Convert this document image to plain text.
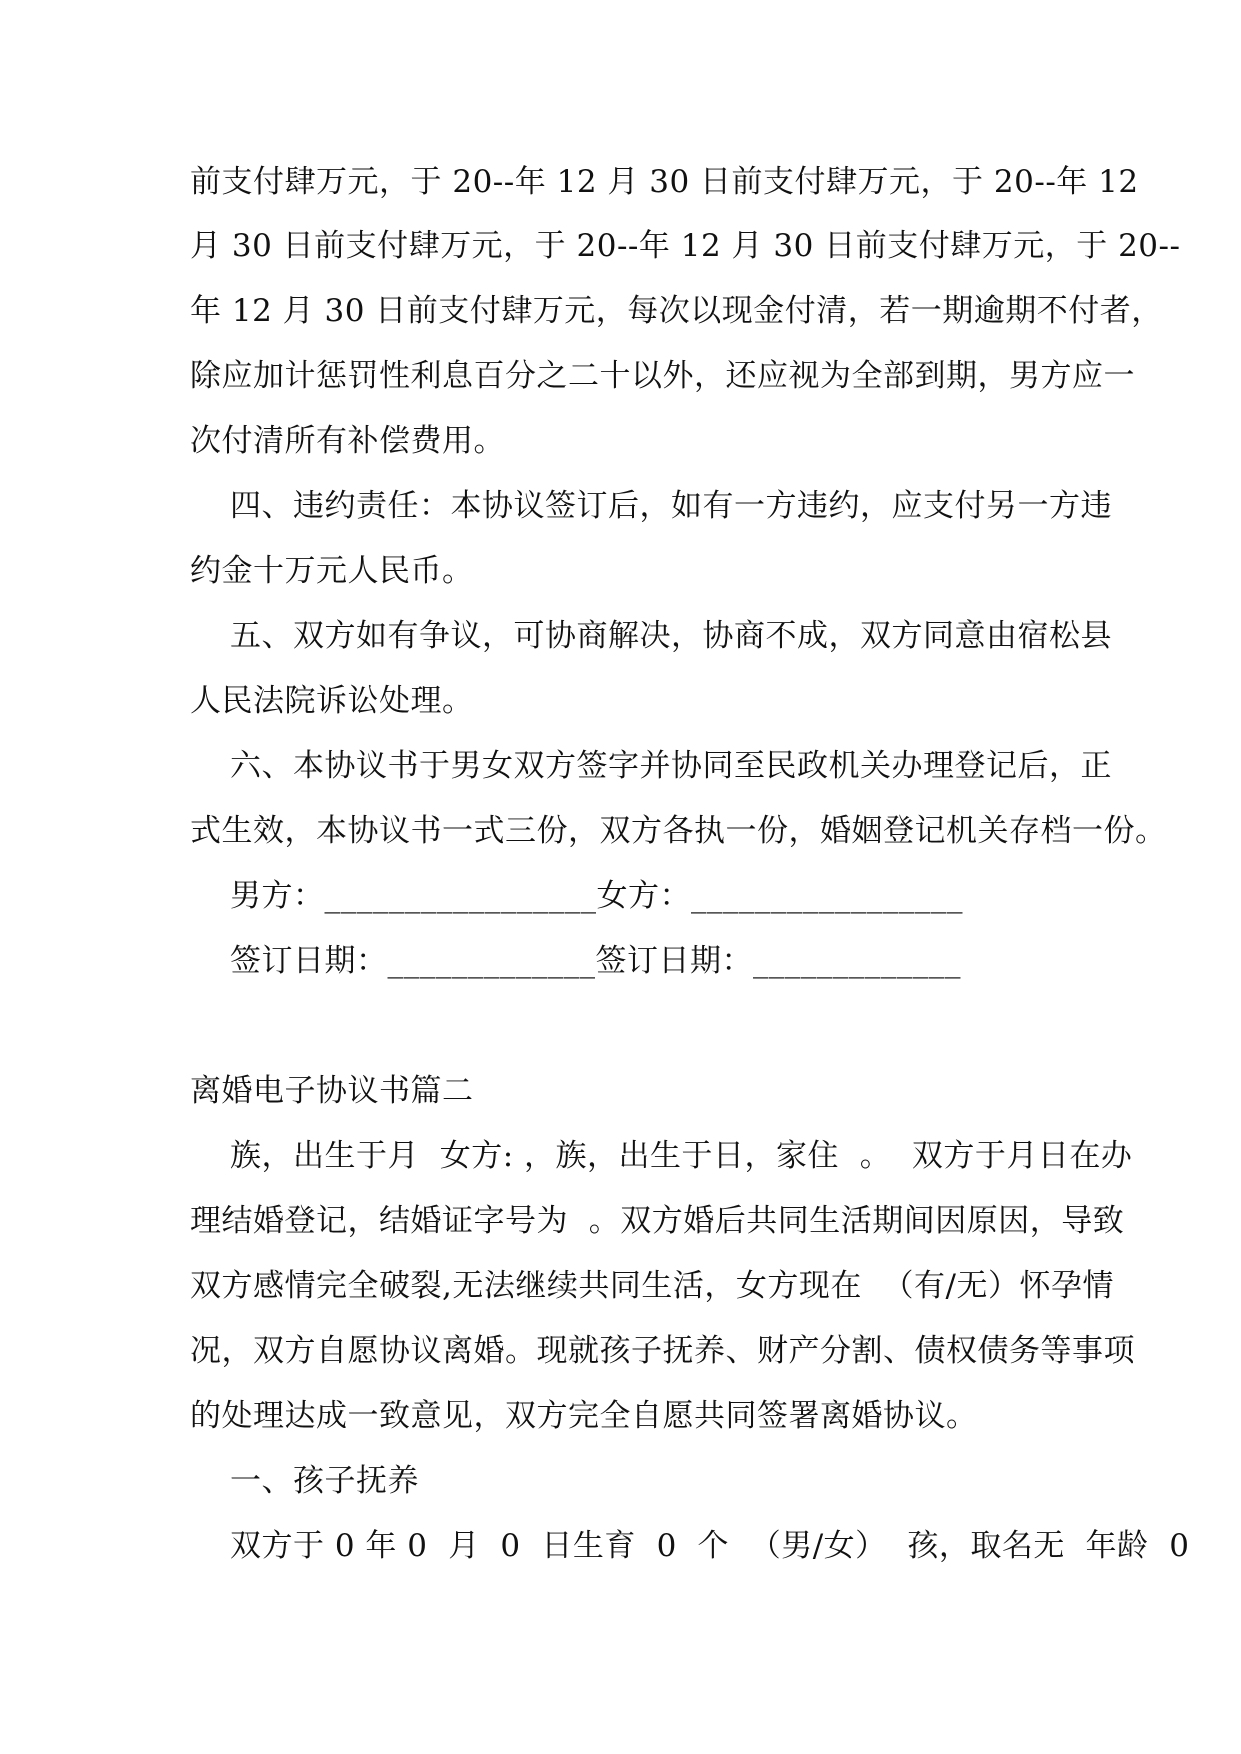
前支付肆万元，于 20--年 12 月 30 日前支付肆万元，于 20--年 12
月 30 日前支付肆万元，于 20--年 12 月 30 日前支付肆万元，于 20--
年 12 月 30 日前支付肆万元，每次以现金付清，若一期逾期不付者，
除应加计惩罚性利息百分之二十以外，还应视为全部到期，男方应一
次付清所有补偿费用。
四、违约责任：本协议签订后，如有一方违约，应支付另一方违
约金十万元人民币。
五、双方如有争议，可协商解决，协商不成，双方同意由宿松县
人民法院诉讼处理。
六、本协议书于男女双方签字并协同至民政机关办理登记后，正
式生效，本协议书一式三份，双方各执一份，婚姻登记机关存档一份。
男方：_________________女方：_________________
签订日期：_____________签订日期：_____________
离婚电子协议书篇二
族，出生于月  女方: ，族，出生于日，家住  。  双方于月日在办
理结婚登记，结婚证字号为  。双方婚后共同生活期间因原因，导致
双方感情完全破裂,无法继续共同生活，女方现在  （有/无）怀孕情
况，双方自愿协议离婚。现就孩子抚养、财产分割、债权债务等事项
的处理达成一致意见，双方完全自愿共同签署离婚协议。
一、孩子抚养
双方于 0 年 0  月  0  日生育  0  个  （男/女）  孩，取名无  年龄  0
